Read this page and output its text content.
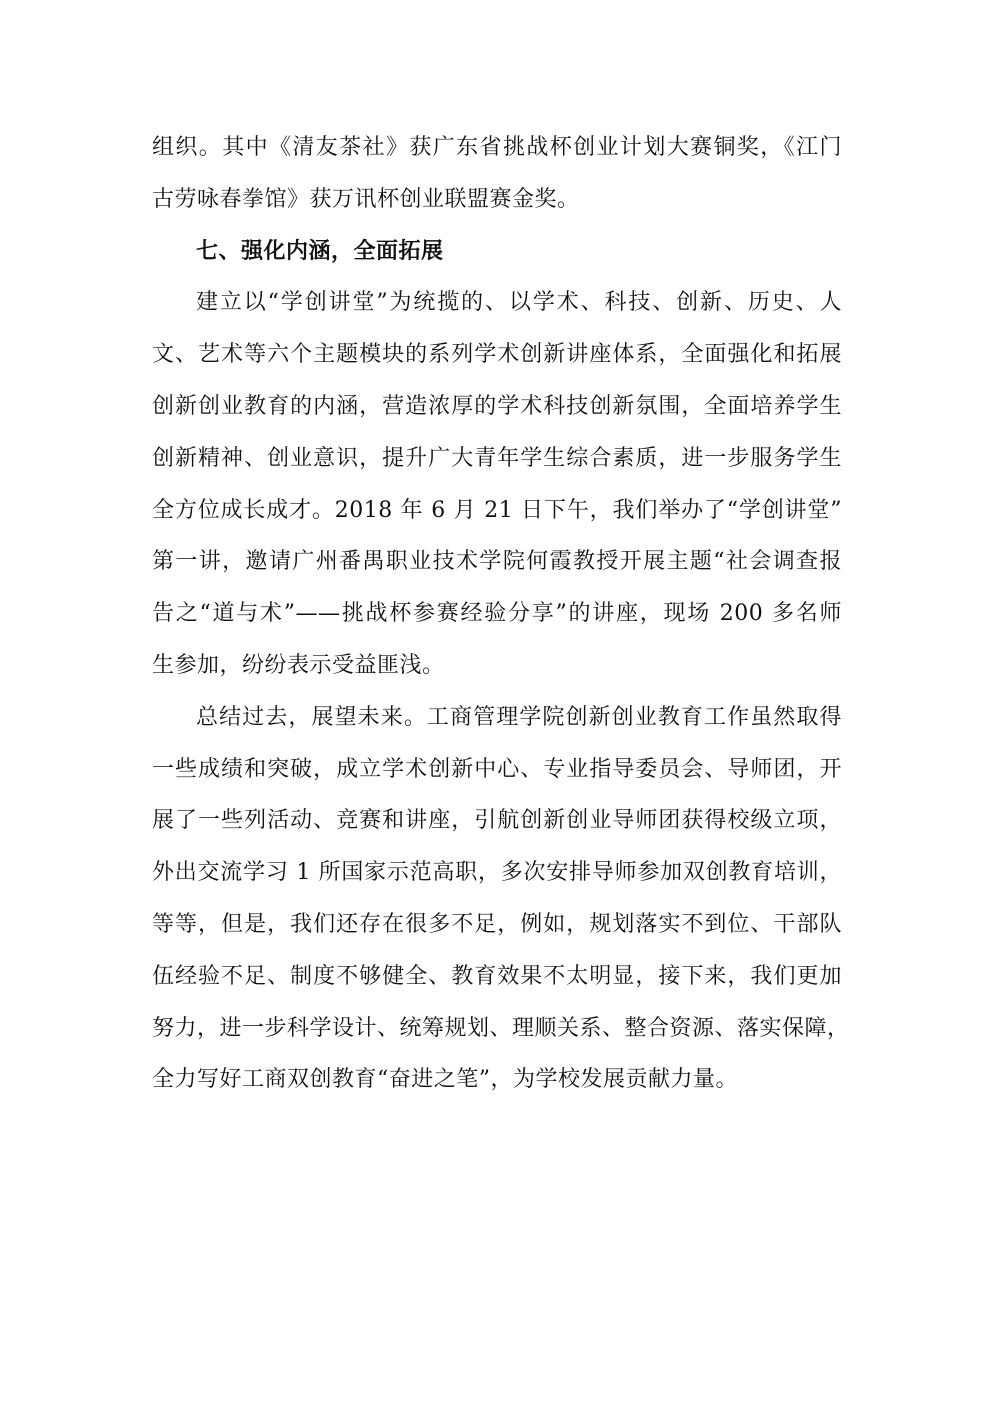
组织。其中《清友茶社》获广东省挑战杯创业计划大赛铜奖，《江门
古劳咏春拳馆》获万讯杯创业联盟赛金奖。
七、强化内涵，全面拓展
建立以“学创讲堂”为统揽的、以学术、科技、创新、历史、人
文、艺术等六个主题模块的系列学术创新讲座体系，全面强化和拓展
创新创业教育的内涵，营造浓厚的学术科技创新氛围，全面培养学生
创新精神、创业意识，提升广大青年学生综合素质，进一步服务学生
全方位成长成才。2018 年 6 月 21 日下午，我们举办了“学创讲堂”
第一讲，邀请广州番禺职业技术学院何霞教授开展主题“社会调查报
告之“道与术”——挑战杯参赛经验分享”的讲座，现场 200 多名师
生参加，纷纷表示受益匪浅。
总结过去，展望未来。工商管理学院创新创业教育工作虽然取得
一些成绩和突破，成立学术创新中心、专业指导委员会、导师团，开
展了一些列活动、竞赛和讲座，引航创新创业导师团获得校级立项，
外出交流学习 1 所国家示范高职，多次安排导师参加双创教育培训，
等等，但是，我们还存在很多不足，例如，规划落实不到位、干部队
伍经验不足、制度不够健全、教育效果不太明显，接下来，我们更加
努力，进一步科学设计、统筹规划、理顺关系、整合资源、落实保障，
全力写好工商双创教育“奋进之笔”，为学校发展贡献力量。
